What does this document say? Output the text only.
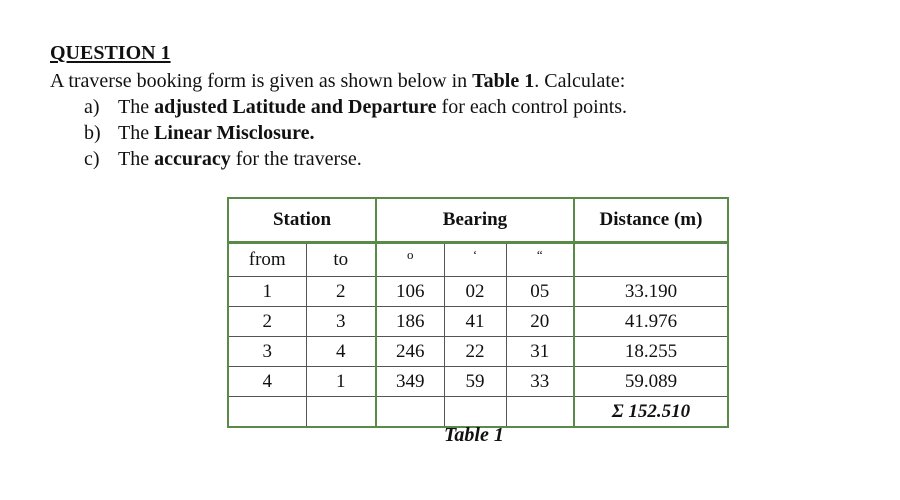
QUESTION 1
A traverse booking form is given as shown below in Table 1. Calculate:
a) The adjusted Latitude and Departure for each control points.
b) The Linear Misclosure.
c) The accuracy for the traverse.
Station		Bearing			Distance (m)
from	to	o	‘	“	
1	2	106	02	05	33.190
2	3	186	41	20	41.976
3	4	246	22	31	18.255
4	1	349	59	33	59.089
					Σ 152.510
Table 1
